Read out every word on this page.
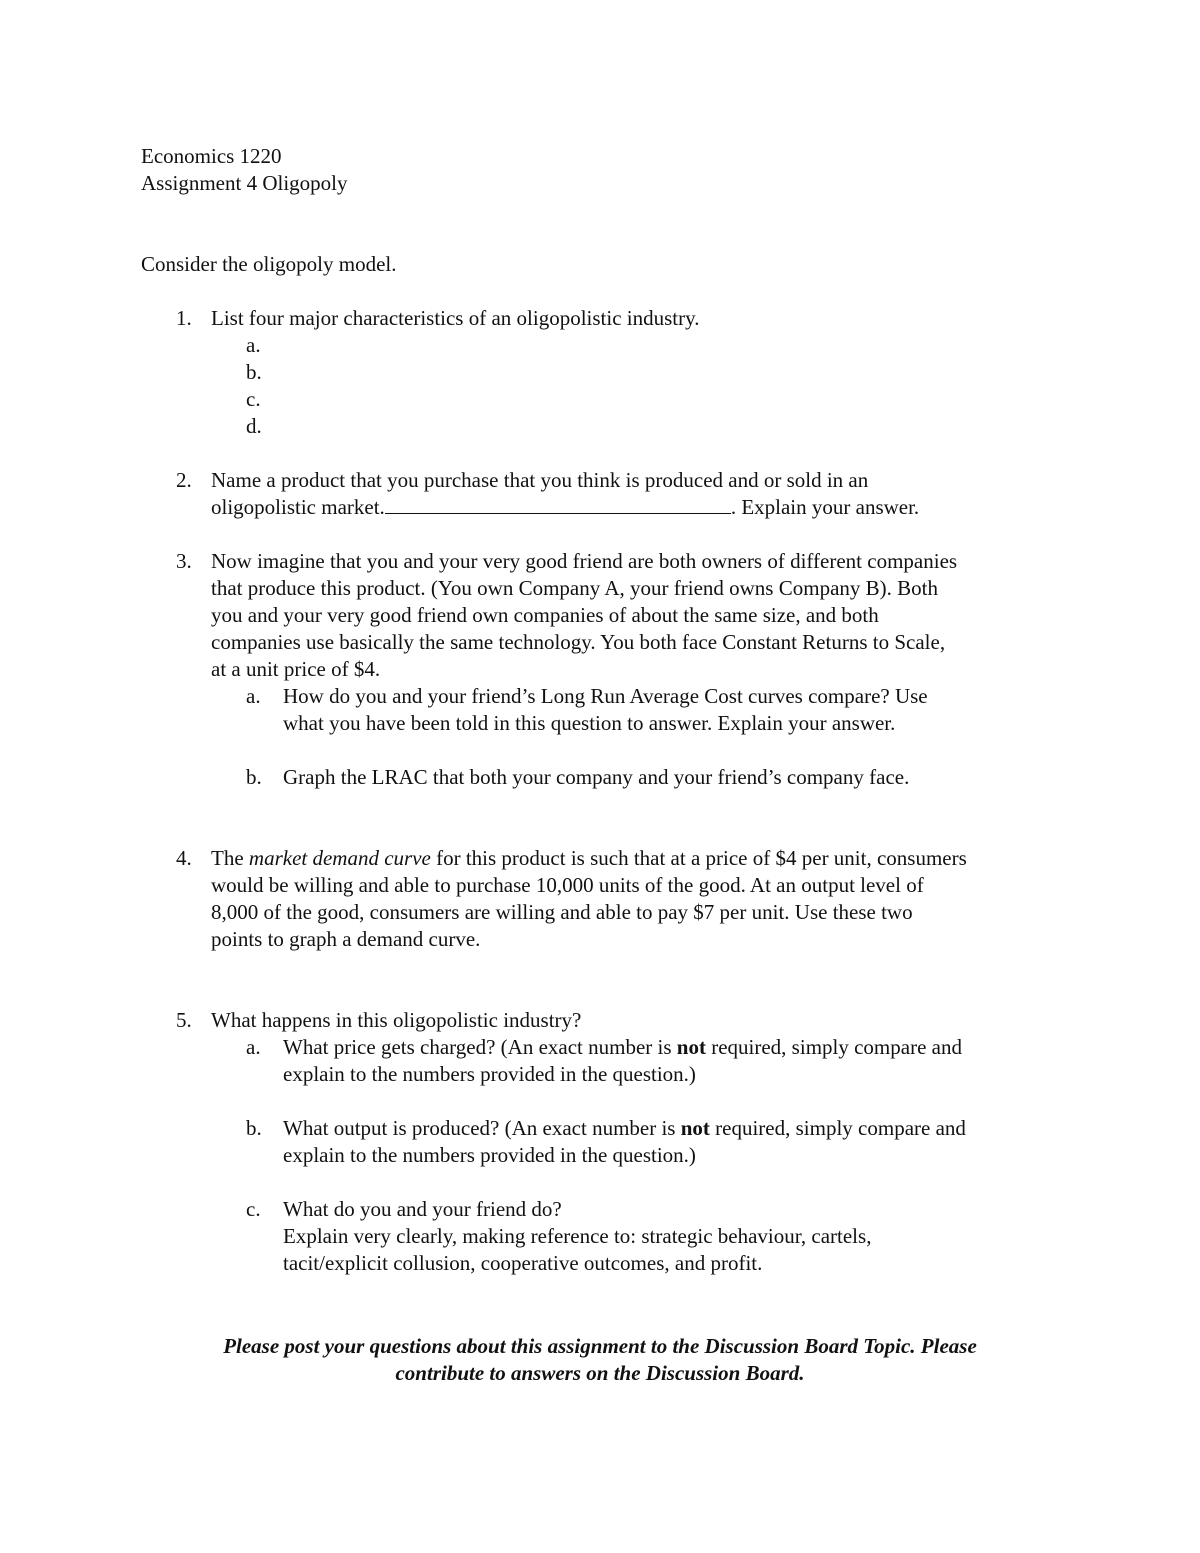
Economics 1220
Assignment 4 Oligopoly
Consider the oligopoly model.
1. List four major characteristics of an oligopolistic industry.
a.

b.

c.

d.

2. Name a product that you purchase that you think is produced and or sold in an
oligopolistic market.	. Explain your answer.
3. Now imagine that you and your very good friend are both owners of different companies
that produce this product. (You own Company A, your friend owns Company B). Both
you and your very good friend own companies of about the same size, and both
companies use basically the same technology. You both face Constant Returns to Scale,
at a unit price of $4.
a. How do you and your friend’s Long Run Average Cost curves compare? Use
what you have been told in this question to answer. Explain your answer.
b. Graph the LRAC that both your company and your friend’s company face.
4. The market demand curve for this product is such that at a price of $4 per unit, consumers
would be willing and able to purchase 10,000 units of the good. At an output level of
8,000 of the good, consumers are willing and able to pay $7 per unit. Use these two
points to graph a demand curve.
5. What happens in this oligopolistic industry?
a. What price gets charged? (An exact number is not required, simply compare and
explain to the numbers provided in the question.)
b. What output is produced? (An exact number is not required, simply compare and
explain to the numbers provided in the question.)
c. What do you and your friend do?
Explain very clearly, making reference to: strategic behaviour, cartels,
tacit/explicit collusion, cooperative outcomes, and profit.
Please post your questions about this assignment to the Discussion Board Topic. Please
contribute to answers on the Discussion Board.
